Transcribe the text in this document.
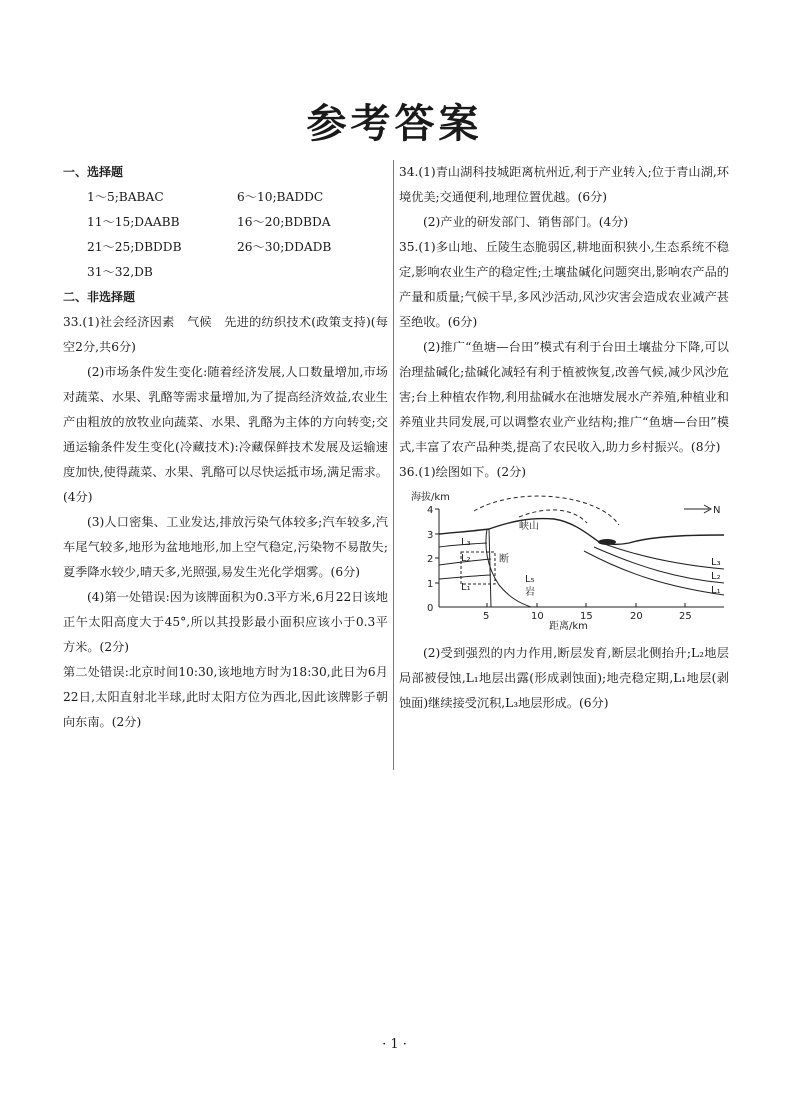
参考答案
一、选择题
1～5;BABAC	6～10;BADDC
11～15;DAABB	16～20;BDBDA
21～25;DBDDB	26～30;DDADB
31～32,DB
二、非选择题

33.(1)社会经济因素　气候　先进的纺织技术(政策支持)(每空2分,共6分)

(2)市场条件发生变化:随着经济发展,人口数量增加,市场对蔬菜、水果、乳酪等需求量增加,为了提高经济效益,农业生产由粗放的放牧业向蔬菜、水果、乳酪为主体的方向转变;交通运输条件发生变化(冷藏技术):冷藏保鲜技术发展及运输速度加快,使得蔬菜、水果、乳酪可以尽快运抵市场,满足需求。(4分)

(3)人口密集、工业发达,排放污染气体较多;汽车较多,汽车尾气较多,地形为盆地地形,加上空气稳定,污染物不易散失;夏季降水较少,晴天多,光照强,易发生光化学烟雾。(6分)

(4)第一处错误:因为该牌面积为0.3平方米,6月22日该地正午太阳高度大于45°,所以其投影最小面积应该小于0.3平方米。(2分)

第二处错误:北京时间10:30,该地地方时为18:30,此日为6月22日,太阳直射北半球,此时太阳方位为西北,因此该牌影子朝向东南。(2分)

34.(1)青山湖科技城距离杭州近,利于产业转入;位于青山湖,环境优美;交通便利,地理位置优越。(6分)

(2)产业的研发部门、销售部门。(4分)

35.(1)多山地、丘陵生态脆弱区,耕地面积狭小,生态系统不稳定,影响农业生产的稳定性;土壤盐碱化问题突出,影响农产品的产量和质量;气候干旱,多风沙活动,风沙灾害会造成农业减产甚至绝收。(6分)

(2)推广“鱼塘—台田”模式有利于台田土壤盐分下降,可以治理盐碱化;盐碱化减轻有利于植被恢复,改善气候,减少风沙危害;台上种植农作物,利用盐碱水在池塘发展水产养殖,种植业和养殖业共同发展,可以调整农业产业结构;推广“鱼塘—台田”模式,丰富了农产品种类,提高了农民收入,助力乡村振兴。(8分)

36.(1)绘图如下。(2分)

海拔/km
距离/km
N
4
3
2
1
0
5	10	15	20	25
峡山
L₃
L₂
L₁
断
L₅
岩
L₃
L₂
L₁

(2)受到强烈的内力作用,断层发育,断层北侧抬升;L₂地层局部被侵蚀,L₁地层出露(形成剥蚀面);地壳稳定期,L₁地层(剥蚀面)继续接受沉积,L₃地层形成。(6分)

· 1 ·
